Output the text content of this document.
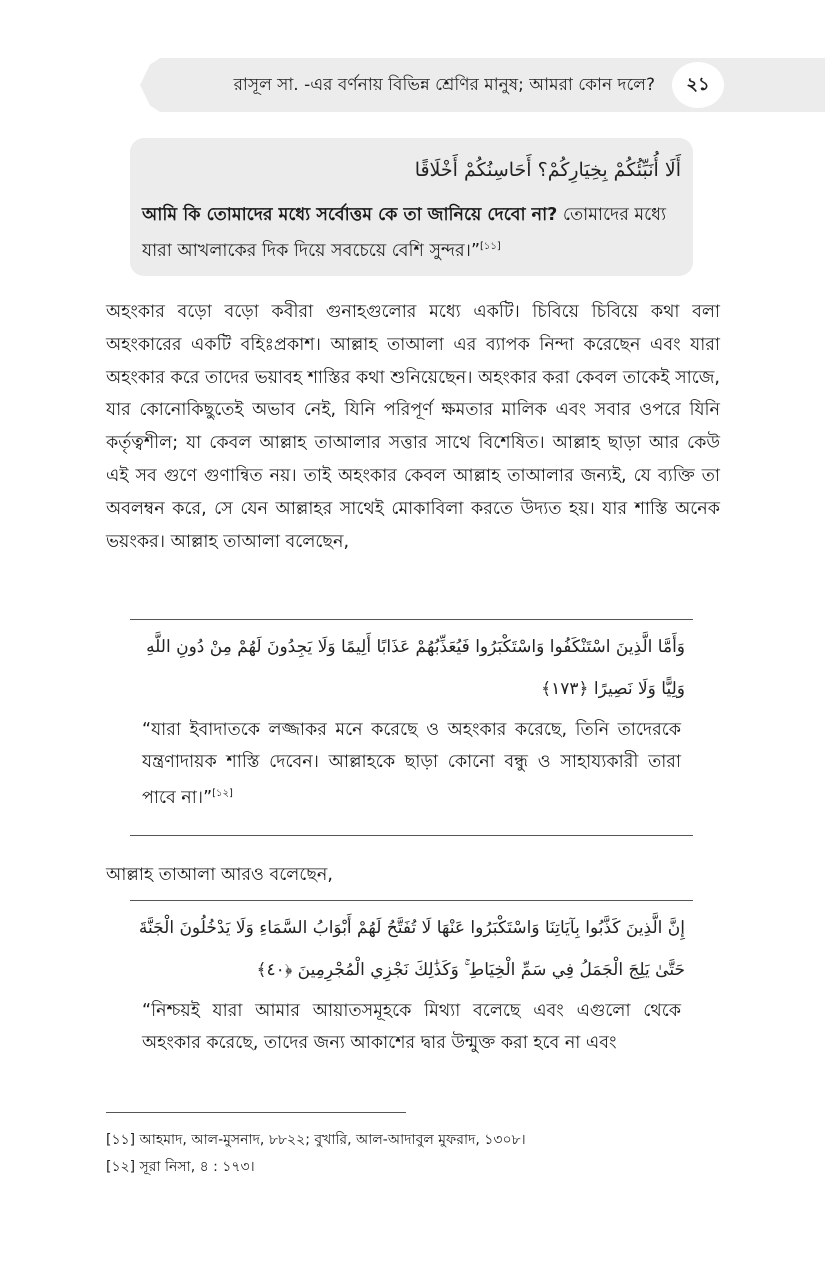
রাসূল সা. -এর বর্ণনায় বিভিন্ন শ্রেণির মানুষ; আমরা কোন দলে?	২১
أَلَا أُنَبِّئُكُمْ بِخِيَارِكُمْ؟ أَحَاسِنُكُمْ أَخْلَاقًا
আমি কি তোমাদের মধ্যে সর্বোত্তম কে তা জানিয়ে দেবো না? তোমাদের মধ্যে যারা আখলাকের দিক দিয়ে সবচেয়ে বেশি সুন্দর।”[১১]
অহংকার বড়ো বড়ো কবীরা গুনাহগুলোর মধ্যে একটি। চিবিয়ে চিবিয়ে কথা বলা অহংকারের একটি বহিঃপ্রকাশ। আল্লাহ তাআলা এর ব্যাপক নিন্দা করেছেন এবং যারা অহংকার করে তাদের ভয়াবহ শাস্তির কথা শুনিয়েছেন। অহংকার করা কেবল তাকেই সাজে, যার কোনোকিছুতেই অভাব নেই, যিনি পরিপূর্ণ ক্ষমতার মালিক এবং সবার ওপরে যিনি কর্তৃত্বশীল; যা কেবল আল্লাহ তাআলার সত্তার সাথে বিশেষিত। আল্লাহ ছাড়া আর কেউ এই সব গুণে গুণান্বিত নয়। তাই অহংকার কেবল আল্লাহ তাআলার জন্যই, যে ব্যক্তি তা অবলম্বন করে, সে যেন আল্লাহর সাথেই মোকাবিলা করতে উদ্যত হয়। যার শাস্তি অনেক ভয়ংকর। আল্লাহ তাআলা বলেছেন,
وَأَمَّا الَّذِينَ اسْتَنْكَفُوا وَاسْتَكْبَرُوا فَيُعَذِّبُهُمْ عَذَابًا أَلِيمًا وَلَا يَجِدُونَ لَهُمْ مِنْ دُونِ اللَّهِ وَلِيًّا وَلَا نَصِيرًا ﴿١٧٣﴾
“যারা ইবাদাতকে লজ্জাকর মনে করেছে ও অহংকার করেছে, তিনি তাদেরকে যন্ত্রণাদায়ক শাস্তি দেবেন। আল্লাহকে ছাড়া কোনো বন্ধু ও সাহায্যকারী তারা পাবে না।”[১২]
আল্লাহ তাআলা আরও বলেছেন,
إِنَّ الَّذِينَ كَذَّبُوا بِآيَاتِنَا وَاسْتَكْبَرُوا عَنْهَا لَا تُفَتَّحُ لَهُمْ أَبْوَابُ السَّمَاءِ وَلَا يَدْخُلُونَ الْجَنَّةَ حَتَّىٰ يَلِجَ الْجَمَلُ فِي سَمِّ الْخِيَاطِ ۚ وَكَذَٰلِكَ نَجْزِي الْمُجْرِمِينَ ﴿٤٠﴾
“নিশ্চয়ই যারা আমার আয়াতসমূহকে মিথ্যা বলেছে এবং এগুলো থেকে অহংকার করেছে, তাদের জন্য আকাশের দ্বার উন্মুক্ত করা হবে না এবং
[১১] আহমাদ, আল-মুসনাদ, ৮৮২২; বুখারি, আল-আদাবুল মুফরাদ, ১৩০৮।
[১২] সূরা নিসা, ৪ : ১৭৩।
